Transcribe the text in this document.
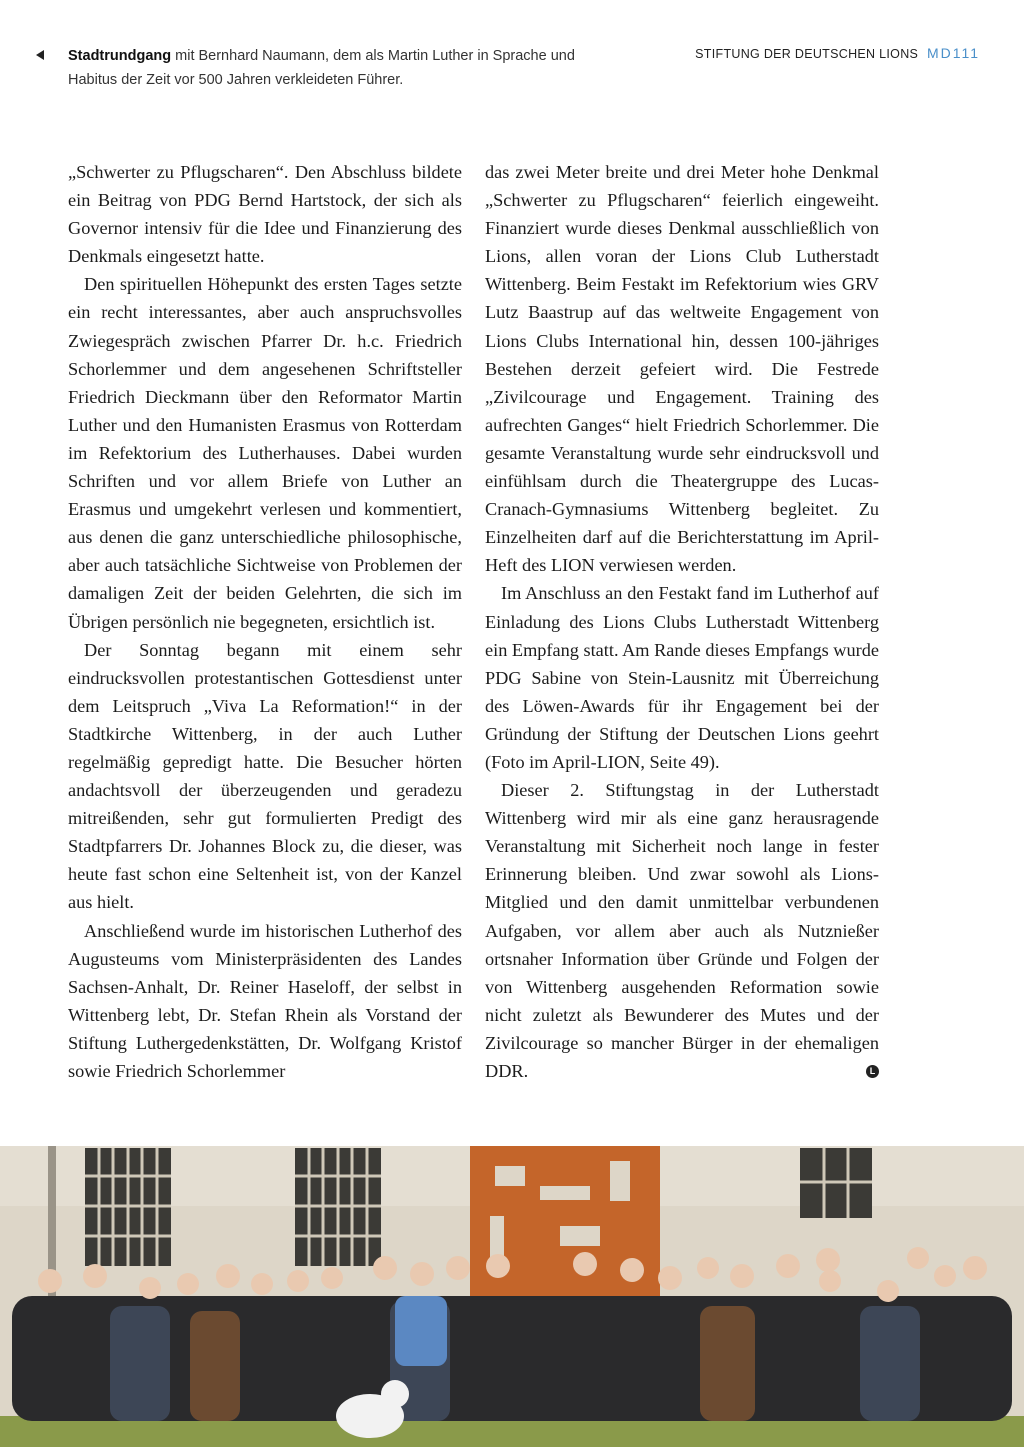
Stadtrundgang mit Bernhard Naumann, dem als Martin Luther in Sprache und Habitus der Zeit vor 500 Jahren verkleideten Führer.
STIFTUNG DER DEUTSCHEN LIONS MD111

„Schwerter zu Pflugscharen“. Den Abschluss bildete ein Beitrag von PDG Bernd Hartstock, der sich als Governor intensiv für die Idee und Finanzierung des Denkmals eingesetzt hatte.

Den spirituellen Höhepunkt des ersten Tages setzte ein recht interessantes, aber auch anspruchsvolles Zwiegespräch zwischen Pfarrer Dr. h.c. Friedrich Schorlemmer und dem angesehenen Schriftsteller Friedrich Dieckmann über den Reformator Martin Luther und den Humanisten Erasmus von Rotterdam im Refektorium des Lutherhauses. Dabei wurden Schriften und vor allem Briefe von Luther an Erasmus und umgekehrt verlesen und kommentiert, aus denen die ganz unterschiedliche philosophische, aber auch tatsächliche Sichtweise von Problemen der damaligen Zeit der beiden Gelehrten, die sich im Übrigen persönlich nie begegneten, ersichtlich ist.

Der Sonntag begann mit einem sehr eindrucksvollen protestantischen Gottesdienst unter dem Leitspruch „Viva La Reformation!“ in der Stadtkirche Wittenberg, in der auch Luther regelmäßig gepredigt hatte. Die Besucher hörten andachtsvoll der überzeugenden und geradezu mitreißenden, sehr gut formulierten Predigt des Stadtpfarrers Dr. Johannes Block zu, die dieser, was heute fast schon eine Seltenheit ist, von der Kanzel aus hielt.

Anschließend wurde im historischen Lutherhof des Augusteums vom Ministerpräsidenten des Landes Sachsen-Anhalt, Dr. Reiner Haseloff, der selbst in Wittenberg lebt, Dr. Stefan Rhein als Vorstand der Stiftung Luthergedenkstätten, Dr. Wolfgang Kristof sowie Friedrich Schorlemmer

das zwei Meter breite und drei Meter hohe Denkmal „Schwerter zu Pflugscharen“ feierlich eingeweiht. Finanziert wurde dieses Denkmal ausschließlich von Lions, allen voran der Lions Club Lutherstadt Wittenberg. Beim Festakt im Refektorium wies GRV Lutz Baastrup auf das weltweite Engagement von Lions Clubs International hin, dessen 100-jähriges Bestehen derzeit gefeiert wird. Die Festrede „Zivilcourage und Engagement. Training des aufrechten Ganges“ hielt Friedrich Schorlemmer. Die gesamte Veranstaltung wurde sehr eindrucksvoll und einfühlsam durch die Theatergruppe des Lucas-Cranach-Gymnasiums Wittenberg begleitet. Zu Einzelheiten darf auf die Berichterstattung im April-Heft des LION verwiesen werden.

Im Anschluss an den Festakt fand im Lutherhof auf Einladung des Lions Clubs Lutherstadt Wittenberg ein Empfang statt. Am Rande dieses Empfangs wurde PDG Sabine von Stein-Lausnitz mit Überreichung des Löwen-Awards für ihr Engagement bei der Gründung der Stiftung der Deutschen Lions geehrt (Foto im April-LION, Seite 49).

Dieser 2. Stiftungstag in der Lutherstadt Wittenberg wird mir als eine ganz herausragende Veranstaltung mit Sicherheit noch lange in fester Erinnerung bleiben. Und zwar sowohl als Lions-Mitglied und den damit unmittelbar verbundenen Aufgaben, vor allem aber auch als Nutznießer ortsnaher Information über Gründe und Folgen der von Wittenberg ausgehenden Reformation sowie nicht zuletzt als Bewunderer des Mutes und der Zivilcourage so mancher Bürger in der ehemaligen DDR.	L
